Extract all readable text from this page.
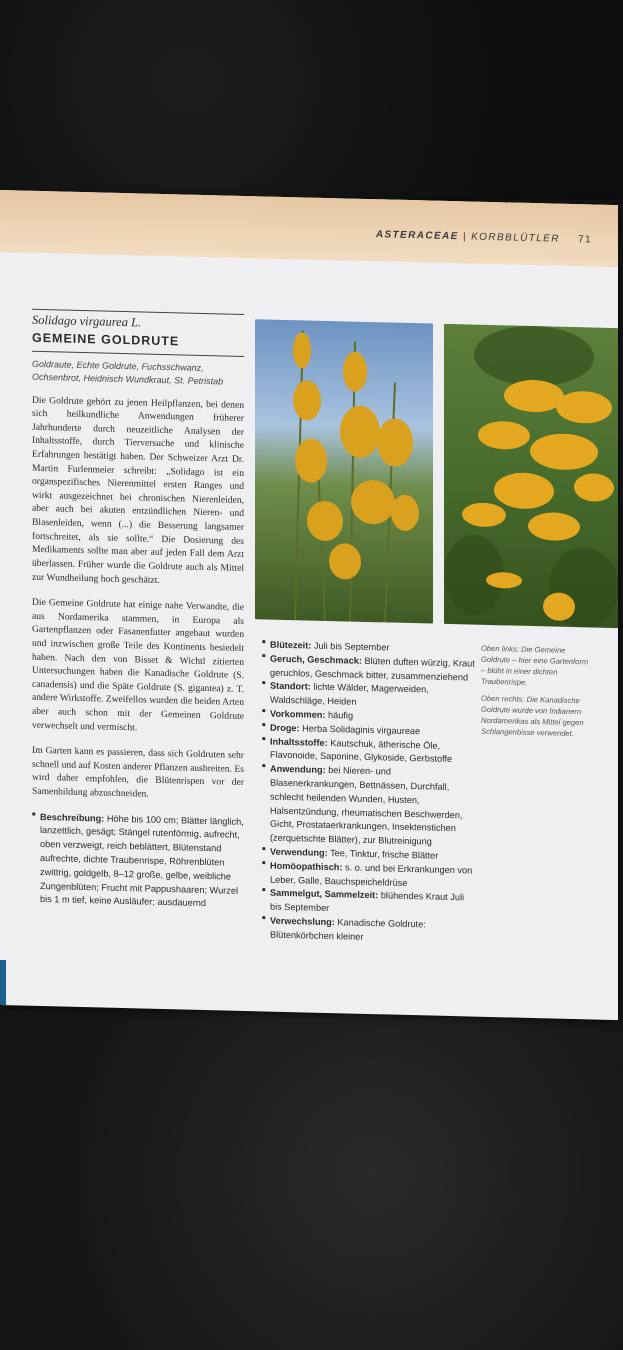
ASTERACEAE | KORBBLÜTLER 71
Solidago virgaurea L.
GEMEINE GOLDRUTE
Goldraute, Echte Goldrute, Fuchsschwanz, Ochsenbrot, Heidnisch Wundkraut, St. Petristab

Die Goldrute gehört zu jenen Heilpflanzen, bei denen sich heilkundliche Anwendungen früherer Jahrhunderte durch neuzeitliche Analysen der Inhaltsstoffe, durch Tierversuche und klinische Erfahrungen bestätigt haben. Der Schweizer Arzt Dr. Martin Furlenmeier schreibt: „Solidago ist ein organspezifisches Nierenmittel ersten Ranges und wirkt ausgezeichnet bei chronischen Nierenleiden, aber auch bei akuten entzündlichen Nieren- und Blasenleiden, wenn (...) die Besserung langsamer fortschreitet, als sie sollte.“ Die Dosierung des Medikaments sollte man aber auf jeden Fall dem Arzt überlassen. Früher wurde die Goldrute auch als Mittel zur Wundheilung hoch geschätzt.

Die Gemeine Goldrute hat einige nahe Verwandte, die aus Nordamerika stammen, in Europa als Gartenpflanzen oder Fasanenfutter angebaut wurden und inzwischen große Teile des Kontinents besiedelt haben. Nach den von Bisset & Wichtl zitierten Untersuchungen haben die Kanadische Goldrute (S. canadensis) und die Späte Goldrute (S. gigantea) z. T. andere Wirkstoffe. Zweifellos wurden die beiden Arten aber auch schon mit der Gemeinen Goldrute verwechselt und vermischt.

Im Garten kann es passieren, dass sich Goldruten sehr schnell und auf Kosten anderer Pflanzen ausbreiten. Es wird daher empfohlen, die Blütenrispen vor der Samenbildung abzuschneiden.

■ Beschreibung: Höhe bis 100 cm; Blätter länglich, lanzettlich, gesägt; Stängel rutenförmig, aufrecht, oben verzweigt, reich beblättert, Blütenstand aufrechte, dichte Traubenrispe, Röhrenblüten zwittrig, goldgelb, 8–12 große, gelbe, weibliche Zungenblüten; Frucht mit Pappushaaren; Wurzel bis 1 m tief, keine Ausläufer; ausdauernd
■ Blütezeit: Juli bis September
■ Geruch, Geschmack: Blüten duften würzig, Kraut geruchlos, Geschmack bitter, zusammenziehend
■ Standort: lichte Wälder, Magerweiden, Waldschläge, Heiden
■ Vorkommen: häufig
■ Droge: Herba Solidaginis virgaureae
■ Inhaltsstoffe: Kautschuk, ätherische Öle, Flavonoide, Saponine, Glykoside, Gerbstoffe
■ Anwendung: bei Nieren- und Blasenerkrankungen, Bettnässen, Durchfall, schlecht heilenden Wunden, Husten, Halsentzündung, rheumatischen Beschwerden, Gicht, Prostataerkrankungen, Insektenstichen (zerquetschte Blätter), zur Blutreinigung
■ Verwendung: Tee, Tinktur, frische Blätter
■ Homöopathisch: s. o. und bei Erkrankungen von Leber, Galle, Bauchspeicheldrüse
■ Sammelgut, Sammelzeit: blühendes Kraut Juli bis September
■ Verwechslung: Kanadische Goldrute: Blütenkörbchen kleiner

Oben links: Die Gemeine Goldrute – hier eine Gartenform – blüht in einer dichten Traubenrispe.

Oben rechts: Die Kanadische Goldrute wurde von Indianern Nordamerikas als Mittel gegen Schlangenbisse verwendet.
